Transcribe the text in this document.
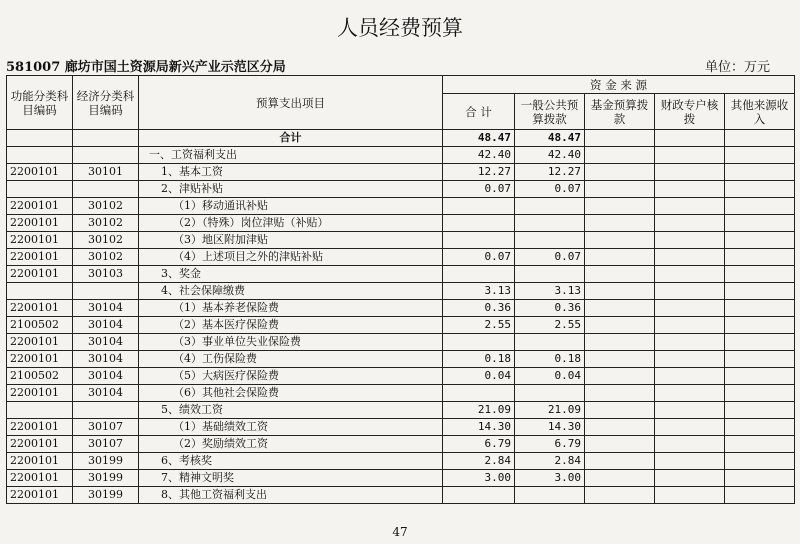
人员经费预算
581007 廊坊市国土资源局新兴产业示范区分局	单位：万元
功能分类科目编码	经济分类科目编码	预算支出项目	资 金 来 源				
			合 计	一般公共预算拨款	基金预算拨款	财政专户核拨	其他来源收入
		合计	48.47	48.47			
		一、工资福利支出	42.40	42.40			
2200101	30101	1、基本工资	12.27	12.27			
		2、津贴补贴	0.07	0.07			
2200101	30102	（1）移动通讯补贴					
2200101	30102	（2）（特殊）岗位津贴（补贴）					
2200101	30102	（3）地区附加津贴					
2200101	30102	（4）上述项目之外的津贴补贴	0.07	0.07			
2200101	30103	3、奖金					
		4、社会保障缴费	3.13	3.13			
2200101	30104	（1）基本养老保险费	0.36	0.36			
2100502	30104	（2）基本医疗保险费	2.55	2.55			
2200101	30104	（3）事业单位失业保险费					
2200101	30104	（4）工伤保险费	0.18	0.18			
2100502	30104	（5）大病医疗保险费	0.04	0.04			
2200101	30104	（6）其他社会保险费					
		5、绩效工资	21.09	21.09			
2200101	30107	（1）基础绩效工资	14.30	14.30			
2200101	30107	（2）奖励绩效工资	6.79	6.79			
2200101	30199	6、考核奖	2.84	2.84			
2200101	30199	7、精神文明奖	3.00	3.00			
2200101	30199	8、其他工资福利支出					
47
